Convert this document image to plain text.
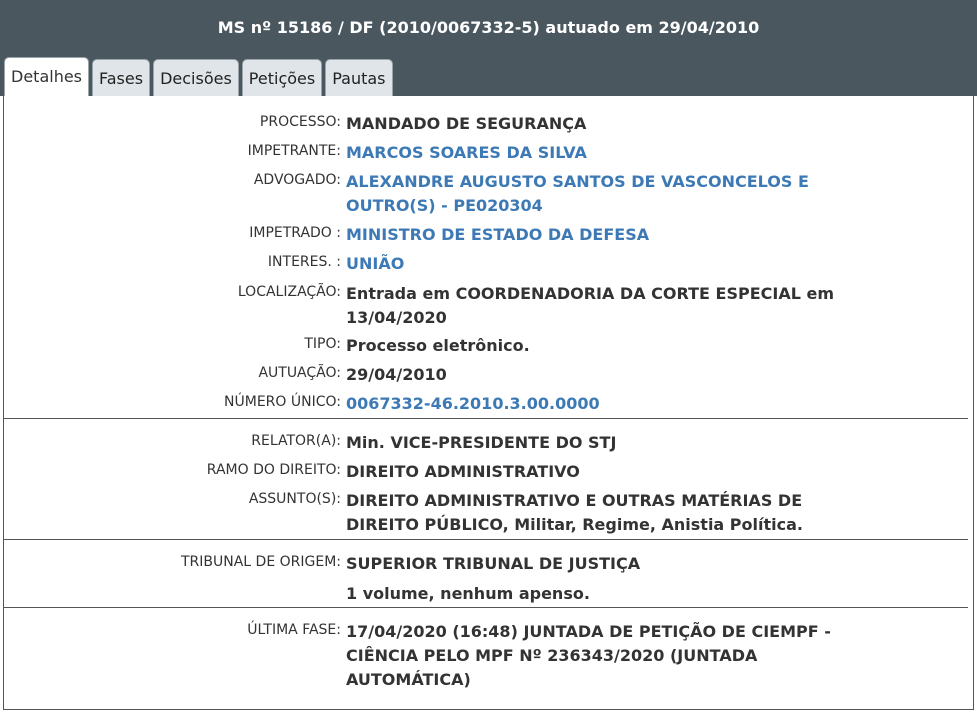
MS nº 15186 / DF (2010/0067332-5) autuado em 29/04/2010
Detalhes	Fases	Decisões	Petições	Pautas
PROCESSO: MANDADO DE SEGURANÇA
IMPETRANTE: MARCOS SOARES DA SILVA
ADVOGADO: ALEXANDRE AUGUSTO SANTOS DE VASCONCELOS E
OUTRO(S) - PE020304
IMPETRADO : MINISTRO DE ESTADO DA DEFESA
INTERES. : UNIÃO
LOCALIZAÇÃO: Entrada em COORDENADORIA DA CORTE ESPECIAL em
13/04/2020
TIPO: Processo eletrônico.
AUTUAÇÃO: 29/04/2010
NÚMERO ÚNICO: 0067332-46.2010.3.00.0000
RELATOR(A): Min. VICE-PRESIDENTE DO STJ
RAMO DO DIREITO: DIREITO ADMINISTRATIVO
ASSUNTO(S): DIREITO ADMINISTRATIVO E OUTRAS MATÉRIAS DE
DIREITO PÚBLICO, Militar, Regime, Anistia Política.
TRIBUNAL DE ORIGEM: SUPERIOR TRIBUNAL DE JUSTIÇA
1 volume, nenhum apenso.
ÚLTIMA FASE: 17/04/2020 (16:48) JUNTADA DE PETIÇÃO DE CIEMPF -
CIÊNCIA PELO MPF Nº 236343/2020 (JUNTADA
AUTOMÁTICA)
